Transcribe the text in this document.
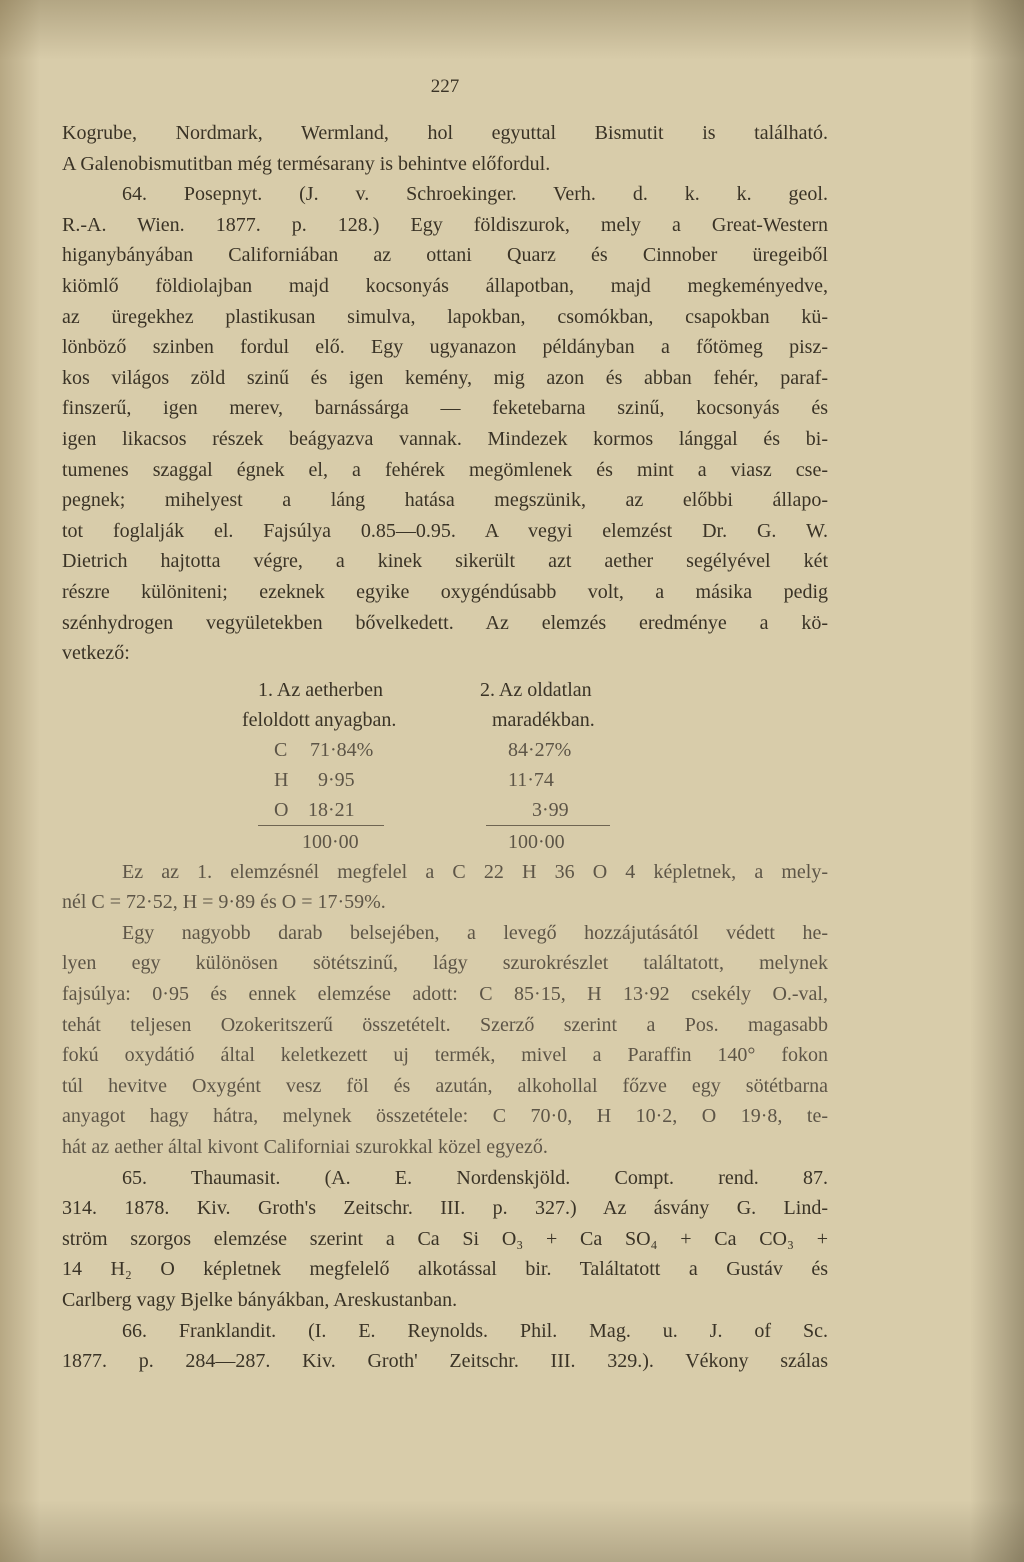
227
Kogrube, Nordmark, Wermland, hol egyuttal Bismutit is található.
A Galenobismutitban még termésarany is behintve előfordul.
64. Posepnyt. (J. v. Schroekinger. Verh. d. k. k. geol.
R.-A. Wien. 1877. p. 128.) Egy földiszurok, mely a Great-Western
higanybányában Californiában az ottani Quarz és Cinnober üregeiből
kiömlő földiolajban majd kocsonyás állapotban, majd megkeményedve,
az üregekhez plastikusan simulva, lapokban, csomókban, csapokban kü-
lönböző szinben fordul elő. Egy ugyanazon példányban a főtömeg pisz-
kos világos zöld szinű és igen kemény, mig azon és abban fehér, paraf-
finszerű, igen merev, barnássárga — feketebarna szinű, kocsonyás és
igen likacsos részek beágyazva vannak. Mindezek kormos lánggal és bi-
tumenes szaggal égnek el, a fehérek megömlenek és mint a viasz cse-
pegnek; mihelyest a láng hatása megszünik, az előbbi állapo-
tot foglalják el. Fajsúlya 0.85—0.95. A vegyi elemzést Dr. G. W.
Dietrich hajtotta végre, a kinek sikerült azt aether segélyével két
részre különiteni; ezeknek egyike oxygéndúsabb volt, a másika pedig
szénhydrogen vegyületekben bővelkedett. Az elemzés eredménye a kö-
vetkező:
1. Az aetherben
feloldott anyagban.
2. Az oldatlan
maradékban.
C 71·84%	84·27%
H 9·95	11·74
O 18·21	3·99
100·00	100·00
Ez az 1. elemzésnél megfelel a C 22 H 36 O 4 képletnek, a mely-
nél C = 72·52, H = 9·89 és O = 17·59%.
Egy nagyobb darab belsejében, a levegő hozzájutásától védett he-
lyen egy különösen sötétszinű, lágy szurokrészlet találtatott, melynek
fajsúlya: 0·95 és ennek elemzése adott: C 85·15, H 13·92 csekély O.-val,
tehát teljesen Ozokeritszerű összetételt. Szerző szerint a Pos. magasabb
fokú oxydátió által keletkezett uj termék, mivel a Paraffin 140° fokon
túl hevitve Oxygént vesz föl és azután, alkohollal főzve egy sötétbarna
anyagot hagy hátra, melynek összetétele: C 70·0, H 10·2, O 19·8, te-
hát az aether által kivont Californiai szurokkal közel egyező.
65. Thaumasit. (A. E. Nordenskjöld. Compt. rend. 87.
314. 1878. Kiv. Groth's Zeitschr. III. p. 327.) Az ásvány G. Lind-
ström szorgos elemzése szerint a Ca Si O₃ + Ca SO₄ + Ca CO₃ +
14 H₂ O képletnek megfelelő alkotással bir. Találtatott a Gustáv és
Carlberg vagy Bjelke bányákban, Areskustanban.
66. Franklandit. (I. E. Reynolds. Phil. Mag. u. J. of Sc.
1877. p. 284—287. Kiv. Groth' Zeitschr. III. 329.). Vékony szálas
